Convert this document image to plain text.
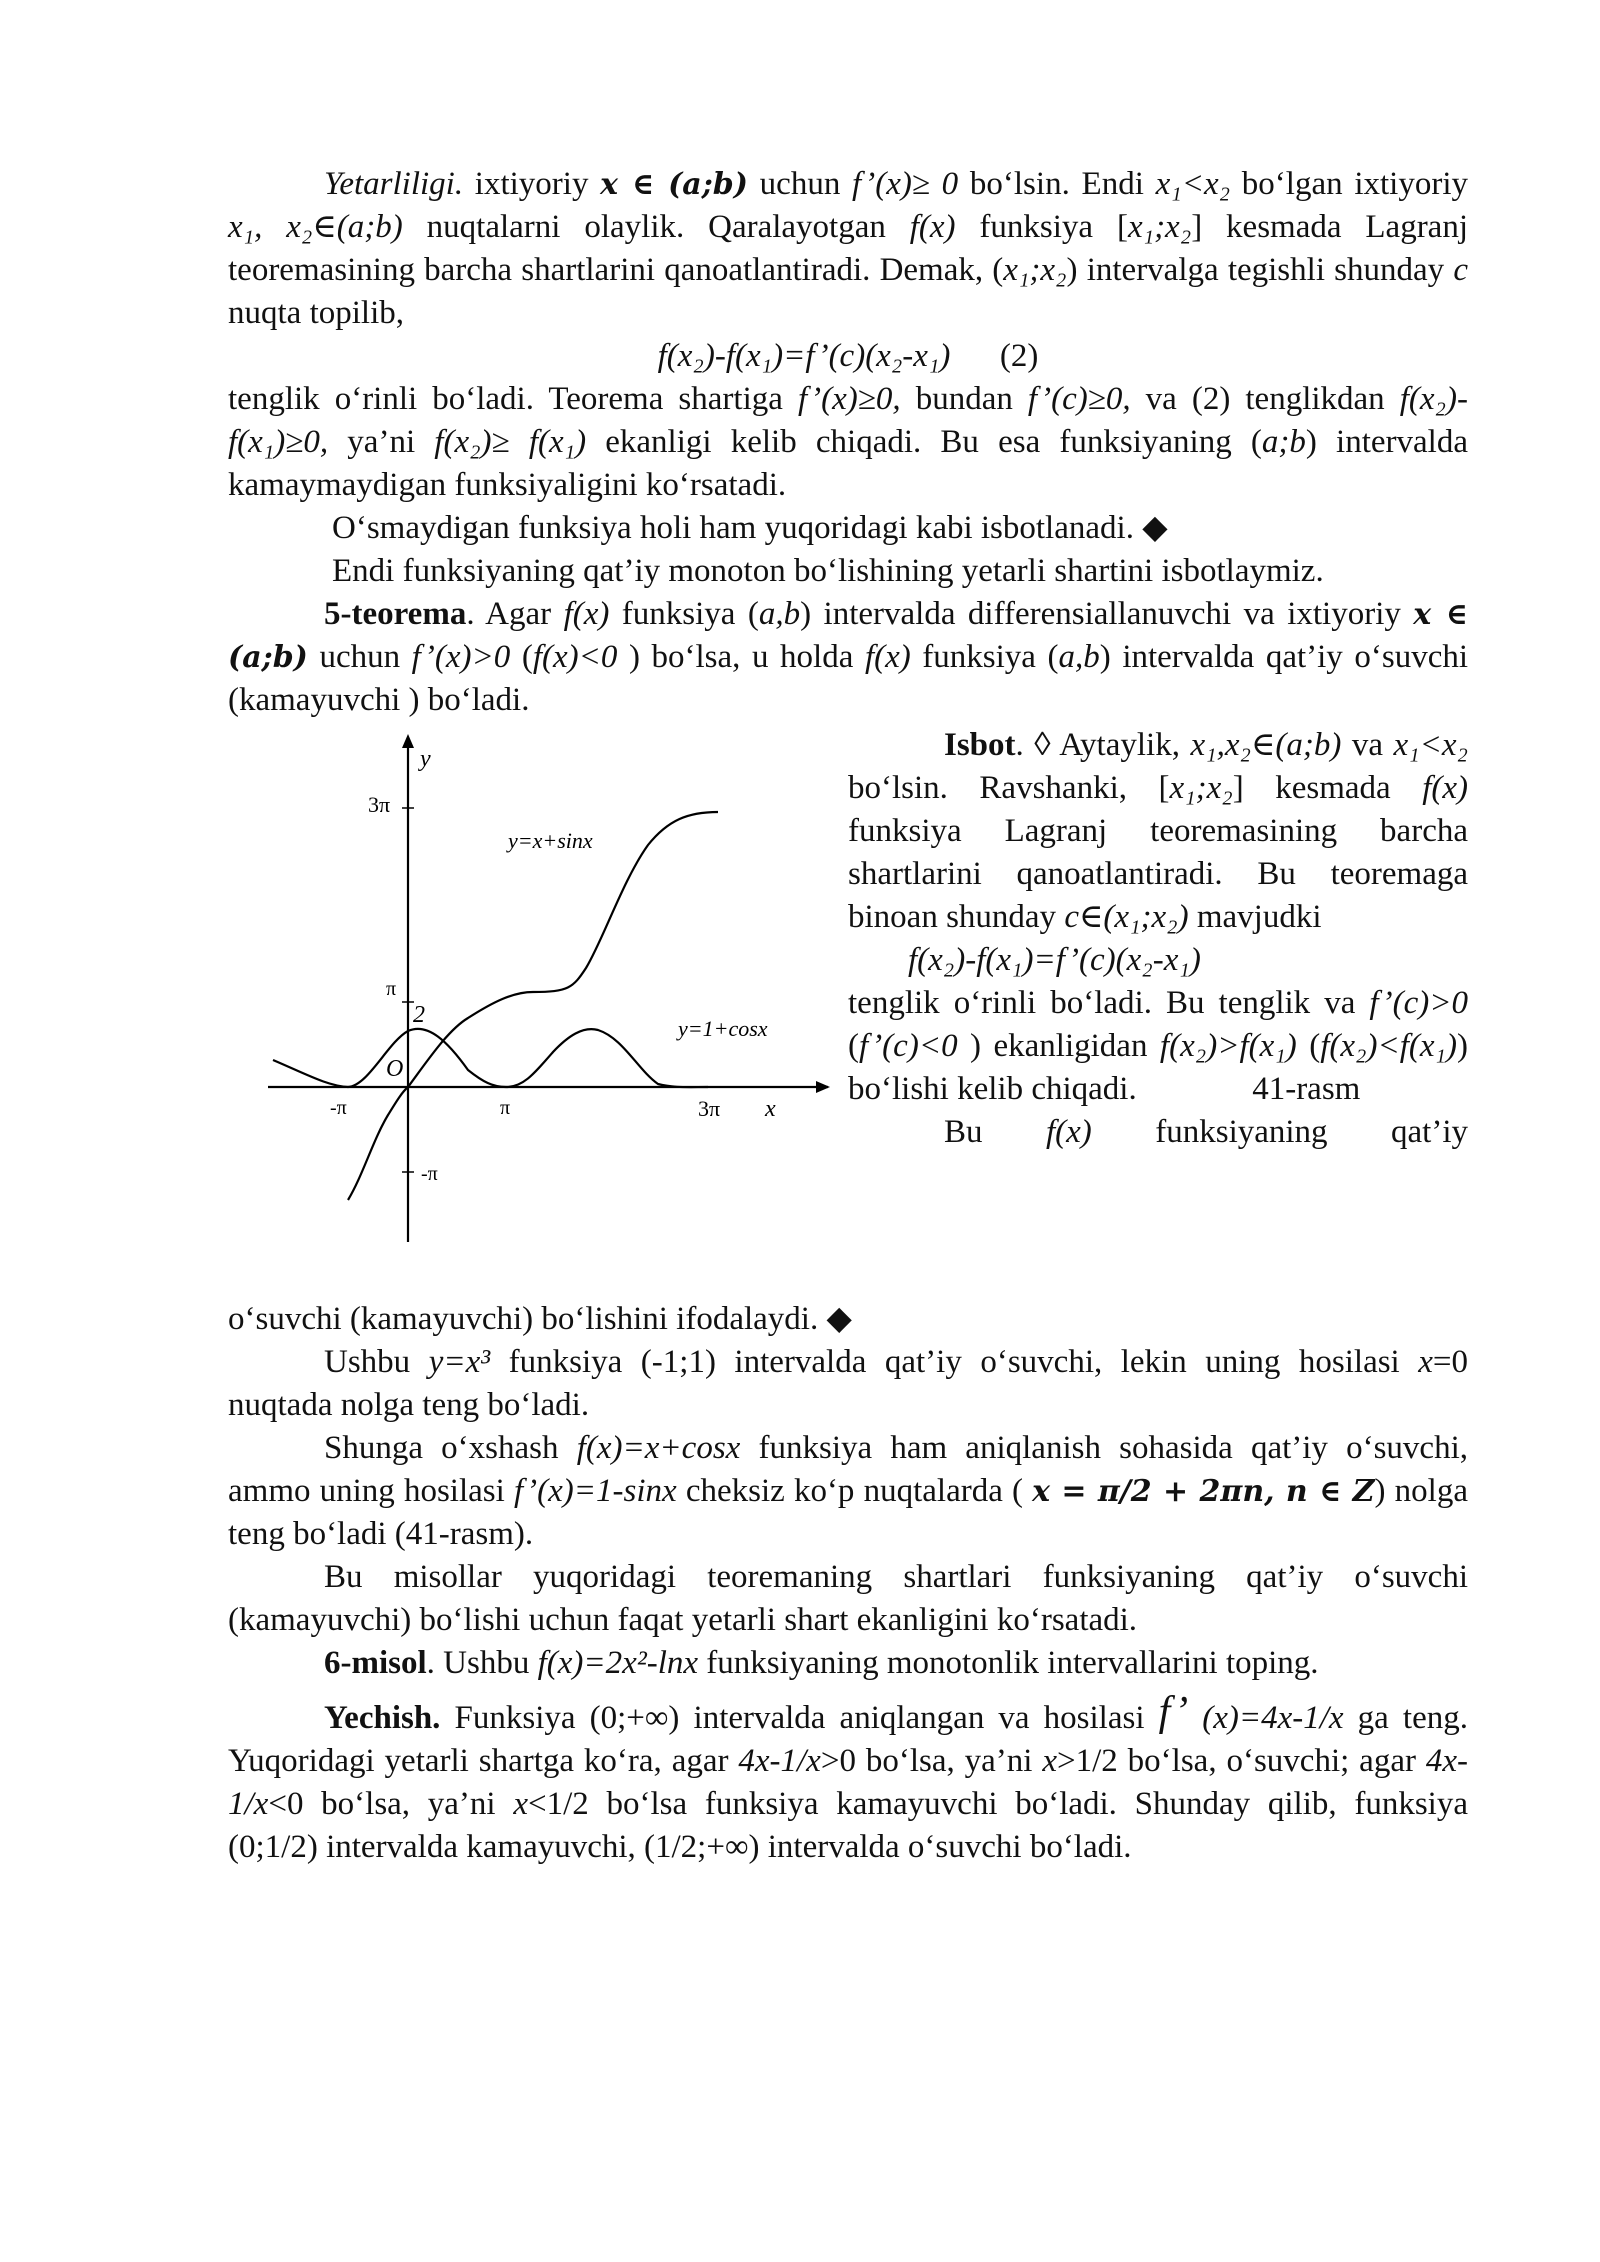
Yetarliligi. ixtiyoriy x ∈ (a;b) uchun f’(x)≥ 0 bo‘lsin. Endi x₁<x₂ bo‘lgan ixtiyoriy x₁, x₂∈(a;b) nuqtalarni olaylik. Qaralayotgan f(x) funksiya [x₁;x₂] kesmada Lagranj teoremasining barcha shartlarini qanoatlantiradi. Demak, (x₁;x₂) intervalga tegishli shunday c nuqta topilib,

f(x₂)-f(x₁)=f’(c)(x₂-x₁) (2)

tenglik o‘rinli bo‘ladi. Teorema shartiga f’(x)≥0, bundan f’(c)≥0, va (2) tenglikdan f(x₂)-f(x₁)≥0, ya’ni f(x₂)≥ f(x₁) ekanligi kelib chiqadi. Bu esa funksiyaning (a;b) intervalda kamaymaydigan funksiyaligini ko‘rsatadi.

O‘smaydigan funksiya holi ham yuqoridagi kabi isbotlanadi. ◆

Endi funksiyaning qat’iy monoton bo‘lishining yetarli shartini isbotlaymiz.

5-teorema. Agar f(x) funksiya (a,b) intervalda differensiallanuvchi va ixtiyoriy x ∈ (a;b) uchun f’(x)>0 (f(x)<0 ) bo‘lsa, u holda f(x) funksiya (a,b) intervalda qat’iy o‘suvchi (kamayuvchi ) bo‘ladi.

y
3π
π
2
O
-π	π	3π x
-π
y=x+sinx
y=1+cosx

Isbot. ◊ Aytaylik, x₁,x₂∈(a;b) va x₁<x₂ bo‘lsin. Ravshanki, [x₁;x₂] kesmada f(x) funksiya Lagranj teoremasining barcha shartlarini qanoatlantiradi. Bu teoremaga binoan shunday c∈(x₁;x₂) mavjudki

f(x₂)-f(x₁)=f’(c)(x₂-x₁)

tenglik o‘rinli bo‘ladi. Bu tenglik va f’(c)>0 (f’(c)<0 ) ekanligidan f(x₂)>f(x₁) (f(x₂)<f(x₁)) bo‘lishi kelib chiqadi.	41-rasm

Bu f(x) funksiyaning qat’iy

o‘suvchi (kamayuvchi) bo‘lishini ifodalaydi. ◆

Ushbu y=x³ funksiya (-1;1) intervalda qat’iy o‘suvchi, lekin uning hosilasi x=0 nuqtada nolga teng bo‘ladi.

Shunga o‘xshash f(x)=x+cosx funksiya ham aniqlanish sohasida qat’iy o‘suvchi, ammo uning hosilasi f’(x)=1-sinx cheksiz ko‘p nuqtalarda ( x = π/2 + 2πn, n ∈ Z) nolga teng bo‘ladi (41-rasm).

Bu misollar yuqoridagi teoremaning shartlari funksiyaning qat’iy o‘suvchi (kamayuvchi) bo‘lishi uchun faqat yetarli shart ekanligini ko‘rsatadi.

6-misol. Ushbu f(x)=2x²-lnx funksiyaning monotonlik intervallarini toping.

Yechish. Funksiya (0;+∞) intervalda aniqlangan va hosilasi f’ (x)=4x-1/x ga teng. Yuqoridagi yetarli shartga ko‘ra, agar 4x-1/x>0 bo‘lsa, ya’ni x>1/2 bo‘lsa, o‘suvchi; agar 4x-1/x<0 bo‘lsa, ya’ni x<1/2 bo‘lsa funksiya kamayuvchi bo‘ladi. Shunday qilib, funksiya (0;1/2) intervalda kamayuvchi, (1/2;+∞) intervalda o‘suvchi bo‘ladi.
